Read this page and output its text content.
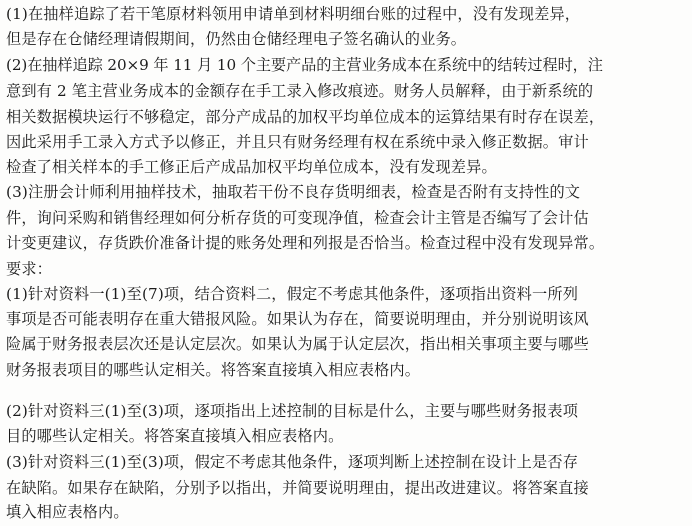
(1)在抽样追踪了若干笔原材料领用申请单到材料明细台账的过程中，没有发现差异，
但是存在仓储经理请假期间，仍然由仓储经理电子签名确认的业务。
(2)在抽样追踪 20×9 年 11 月 10 个主要产品的主营业务成本在系统中的结转过程时，注
意到有 2 笔主营业务成本的金额存在手工录入修改痕迹。财务人员解释，由于新系统的
相关数据模块运行不够稳定，部分产成品的加权平均单位成本的运算结果有时存在误差，
因此采用手工录入方式予以修正，并且只有财务经理有权在系统中录入修正数据。审计
检查了相关样本的手工修正后产成品加权平均单位成本，没有发现差异。
(3)注册会计师利用抽样技术，抽取若干份不良存货明细表，检查是否附有支持性的文
件，询问采购和销售经理如何分析存货的可变现净值，检查会计主管是否编写了会计估
计变更建议，存货跌价准备计提的账务处理和列报是否恰当。检查过程中没有发现异常。
要求：
(1)针对资料一(1)至(7)项，结合资料二，假定不考虑其他条件，逐项指出资料一所列
事项是否可能表明存在重大错报风险。如果认为存在，简要说明理由，并分别说明该风
险属于财务报表层次还是认定层次。如果认为属于认定层次，指出相关事项主要与哪些
财务报表项目的哪些认定相关。将答案直接填入相应表格内。
(2)针对资料三(1)至(3)项，逐项指出上述控制的目标是什么，主要与哪些财务报表项
目的哪些认定相关。将答案直接填入相应表格内。
(3)针对资料三(1)至(3)项，假定不考虑其他条件，逐项判断上述控制在设计上是否存
在缺陷。如果存在缺陷，分别予以指出，并简要说明理由，提出改进建议。将答案直接
填入相应表格内。
